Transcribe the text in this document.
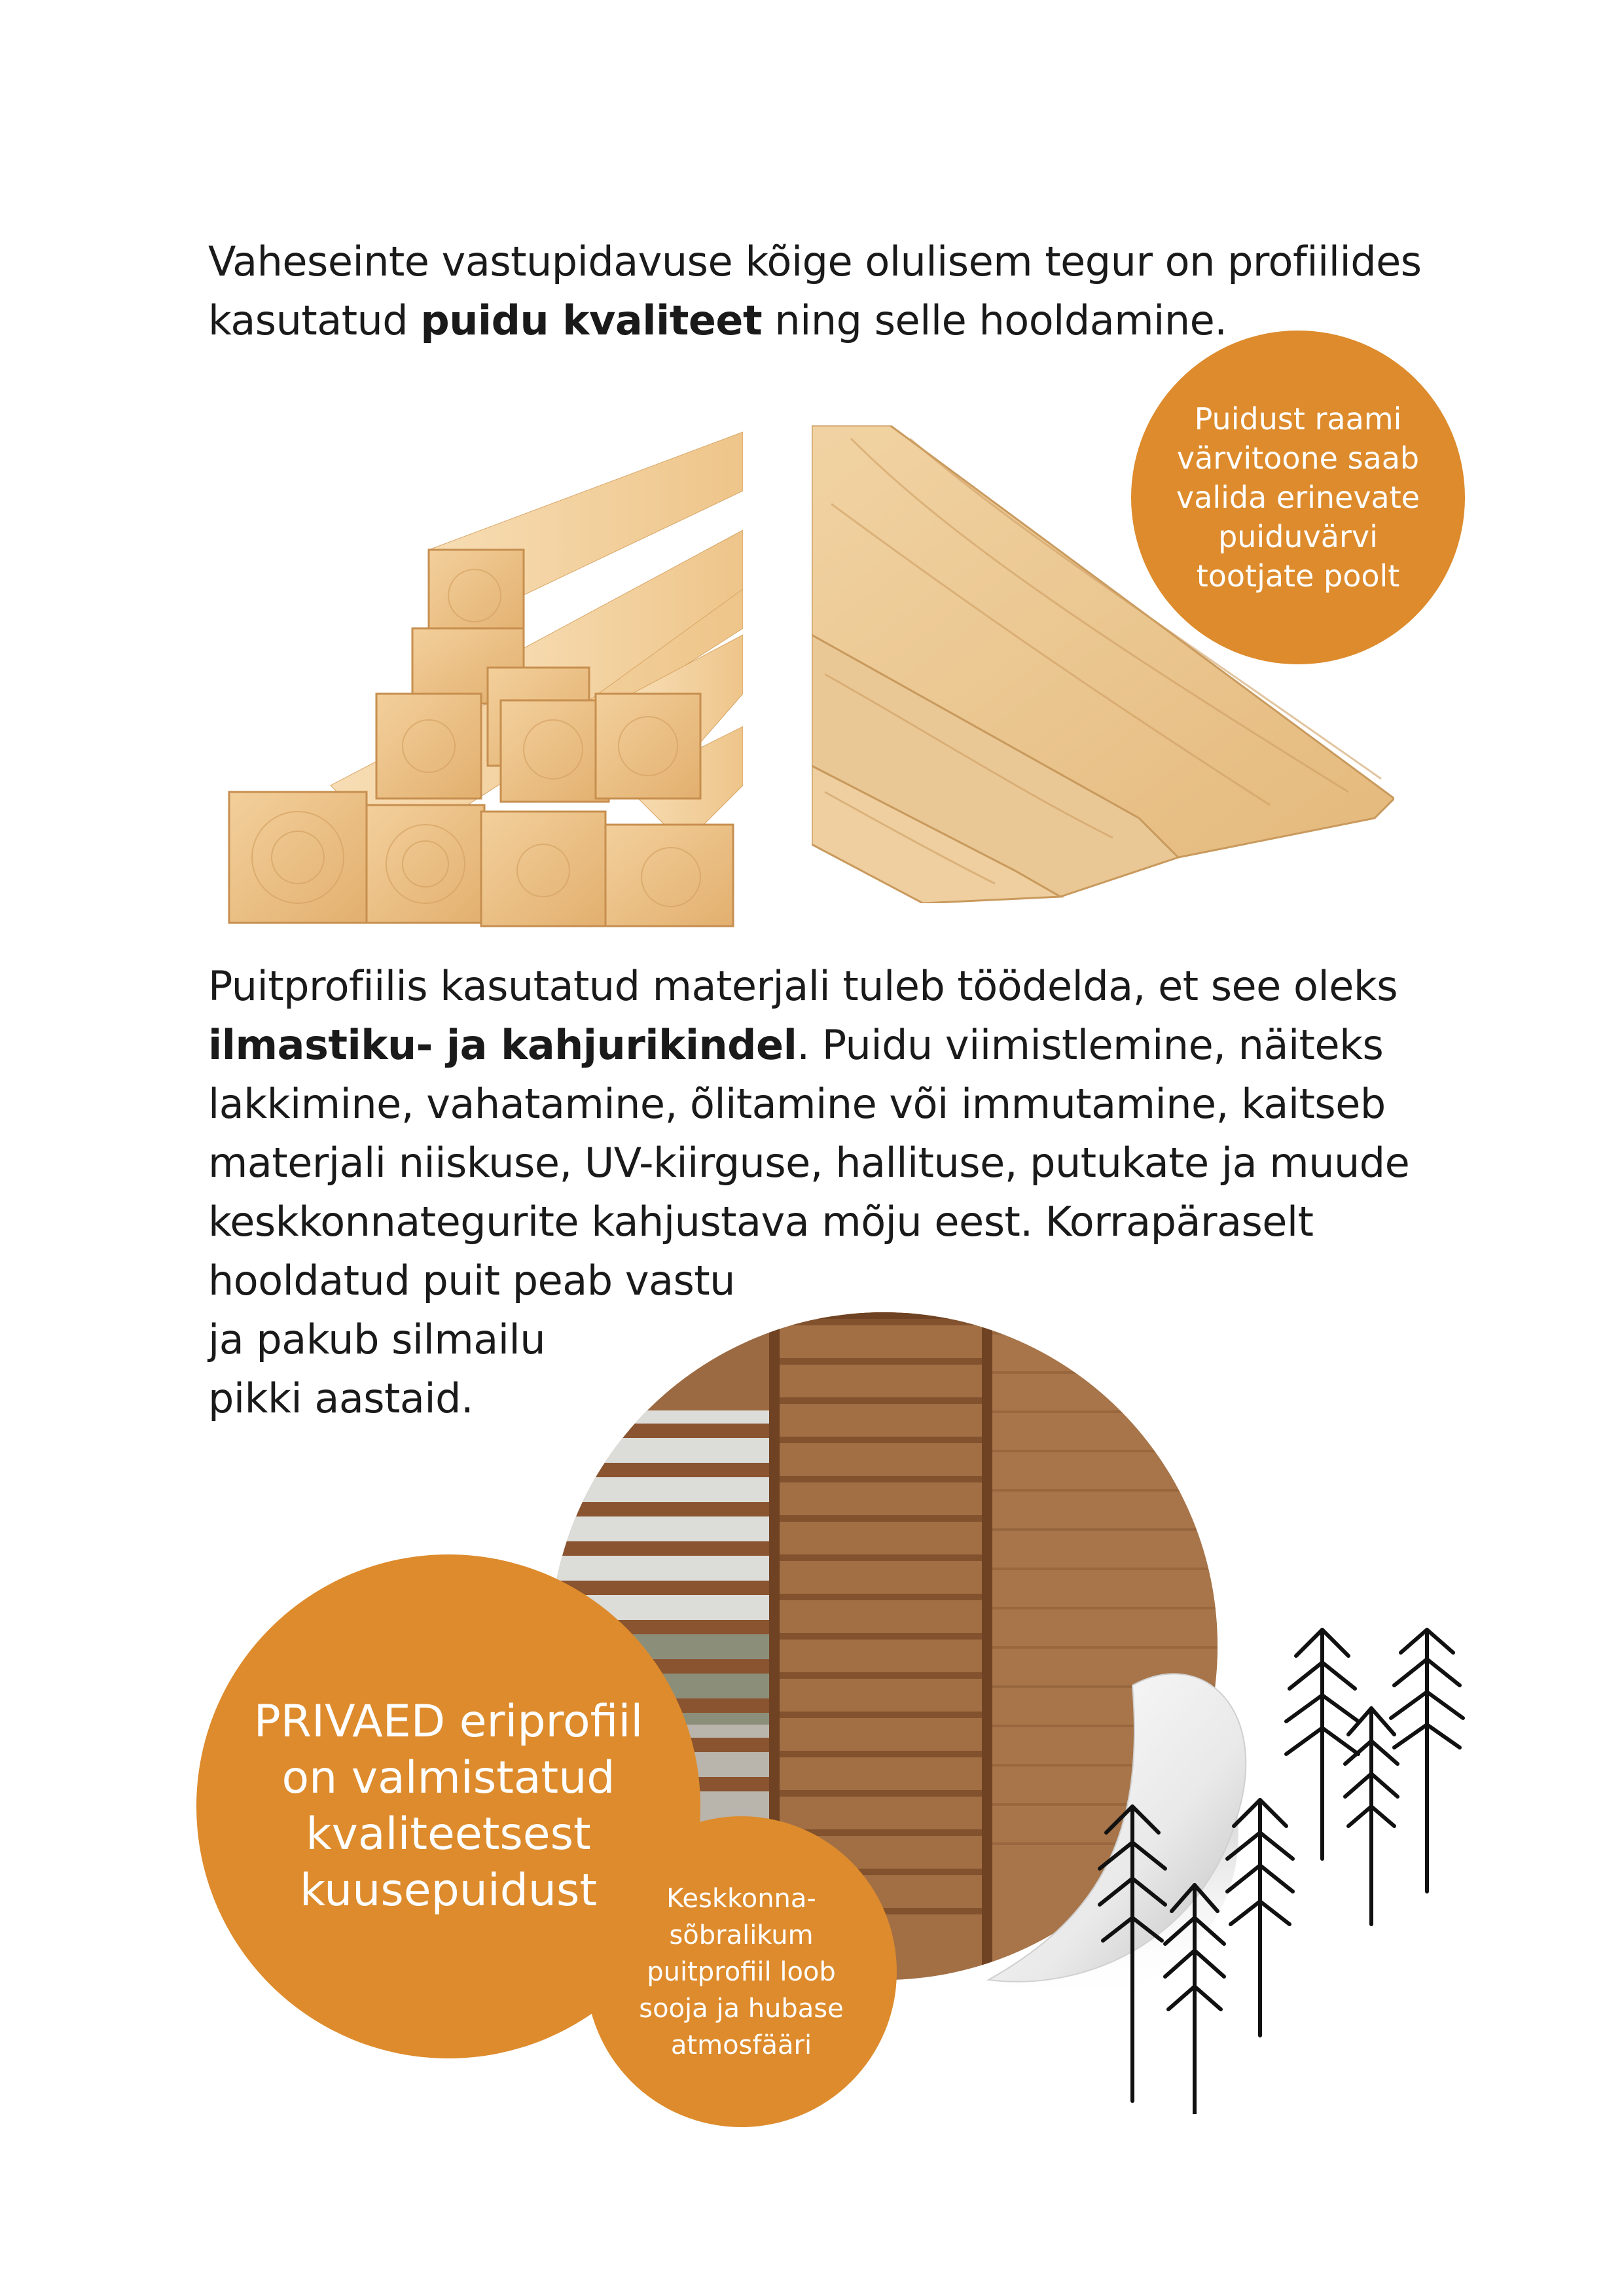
Vaheseinte vastupidavuse kõige olulisem tegur on profiilides
kasutatud puidu kvaliteet ning selle hooldamine.
Puidust raami
värvitoone saab
valida erinevate
puiduvärvi
tootjate poolt
Puitprofiilis kasutatud materjali tuleb töödelda, et see oleks
ilmastiku- ja kahjurikindel. Puidu viimistlemine, näiteks
lakkimine, vahatamine, õlitamine või immutamine, kaitseb
materjali niiskuse, UV-kiirguse, hallituse, putukate ja muude
keskkonnategurite kahjustava mõju eest. Korrapäraselt
hooldatud puit peab vastu
ja pakub silmailu
pikki aastaid.
PRIVAED eriprofiil
on valmistatud
kvaliteetsest
kuusepuidust	Keskkonna-
sõbralikum
puitprofiil loob
sooja ja hubase
atmosfääri
